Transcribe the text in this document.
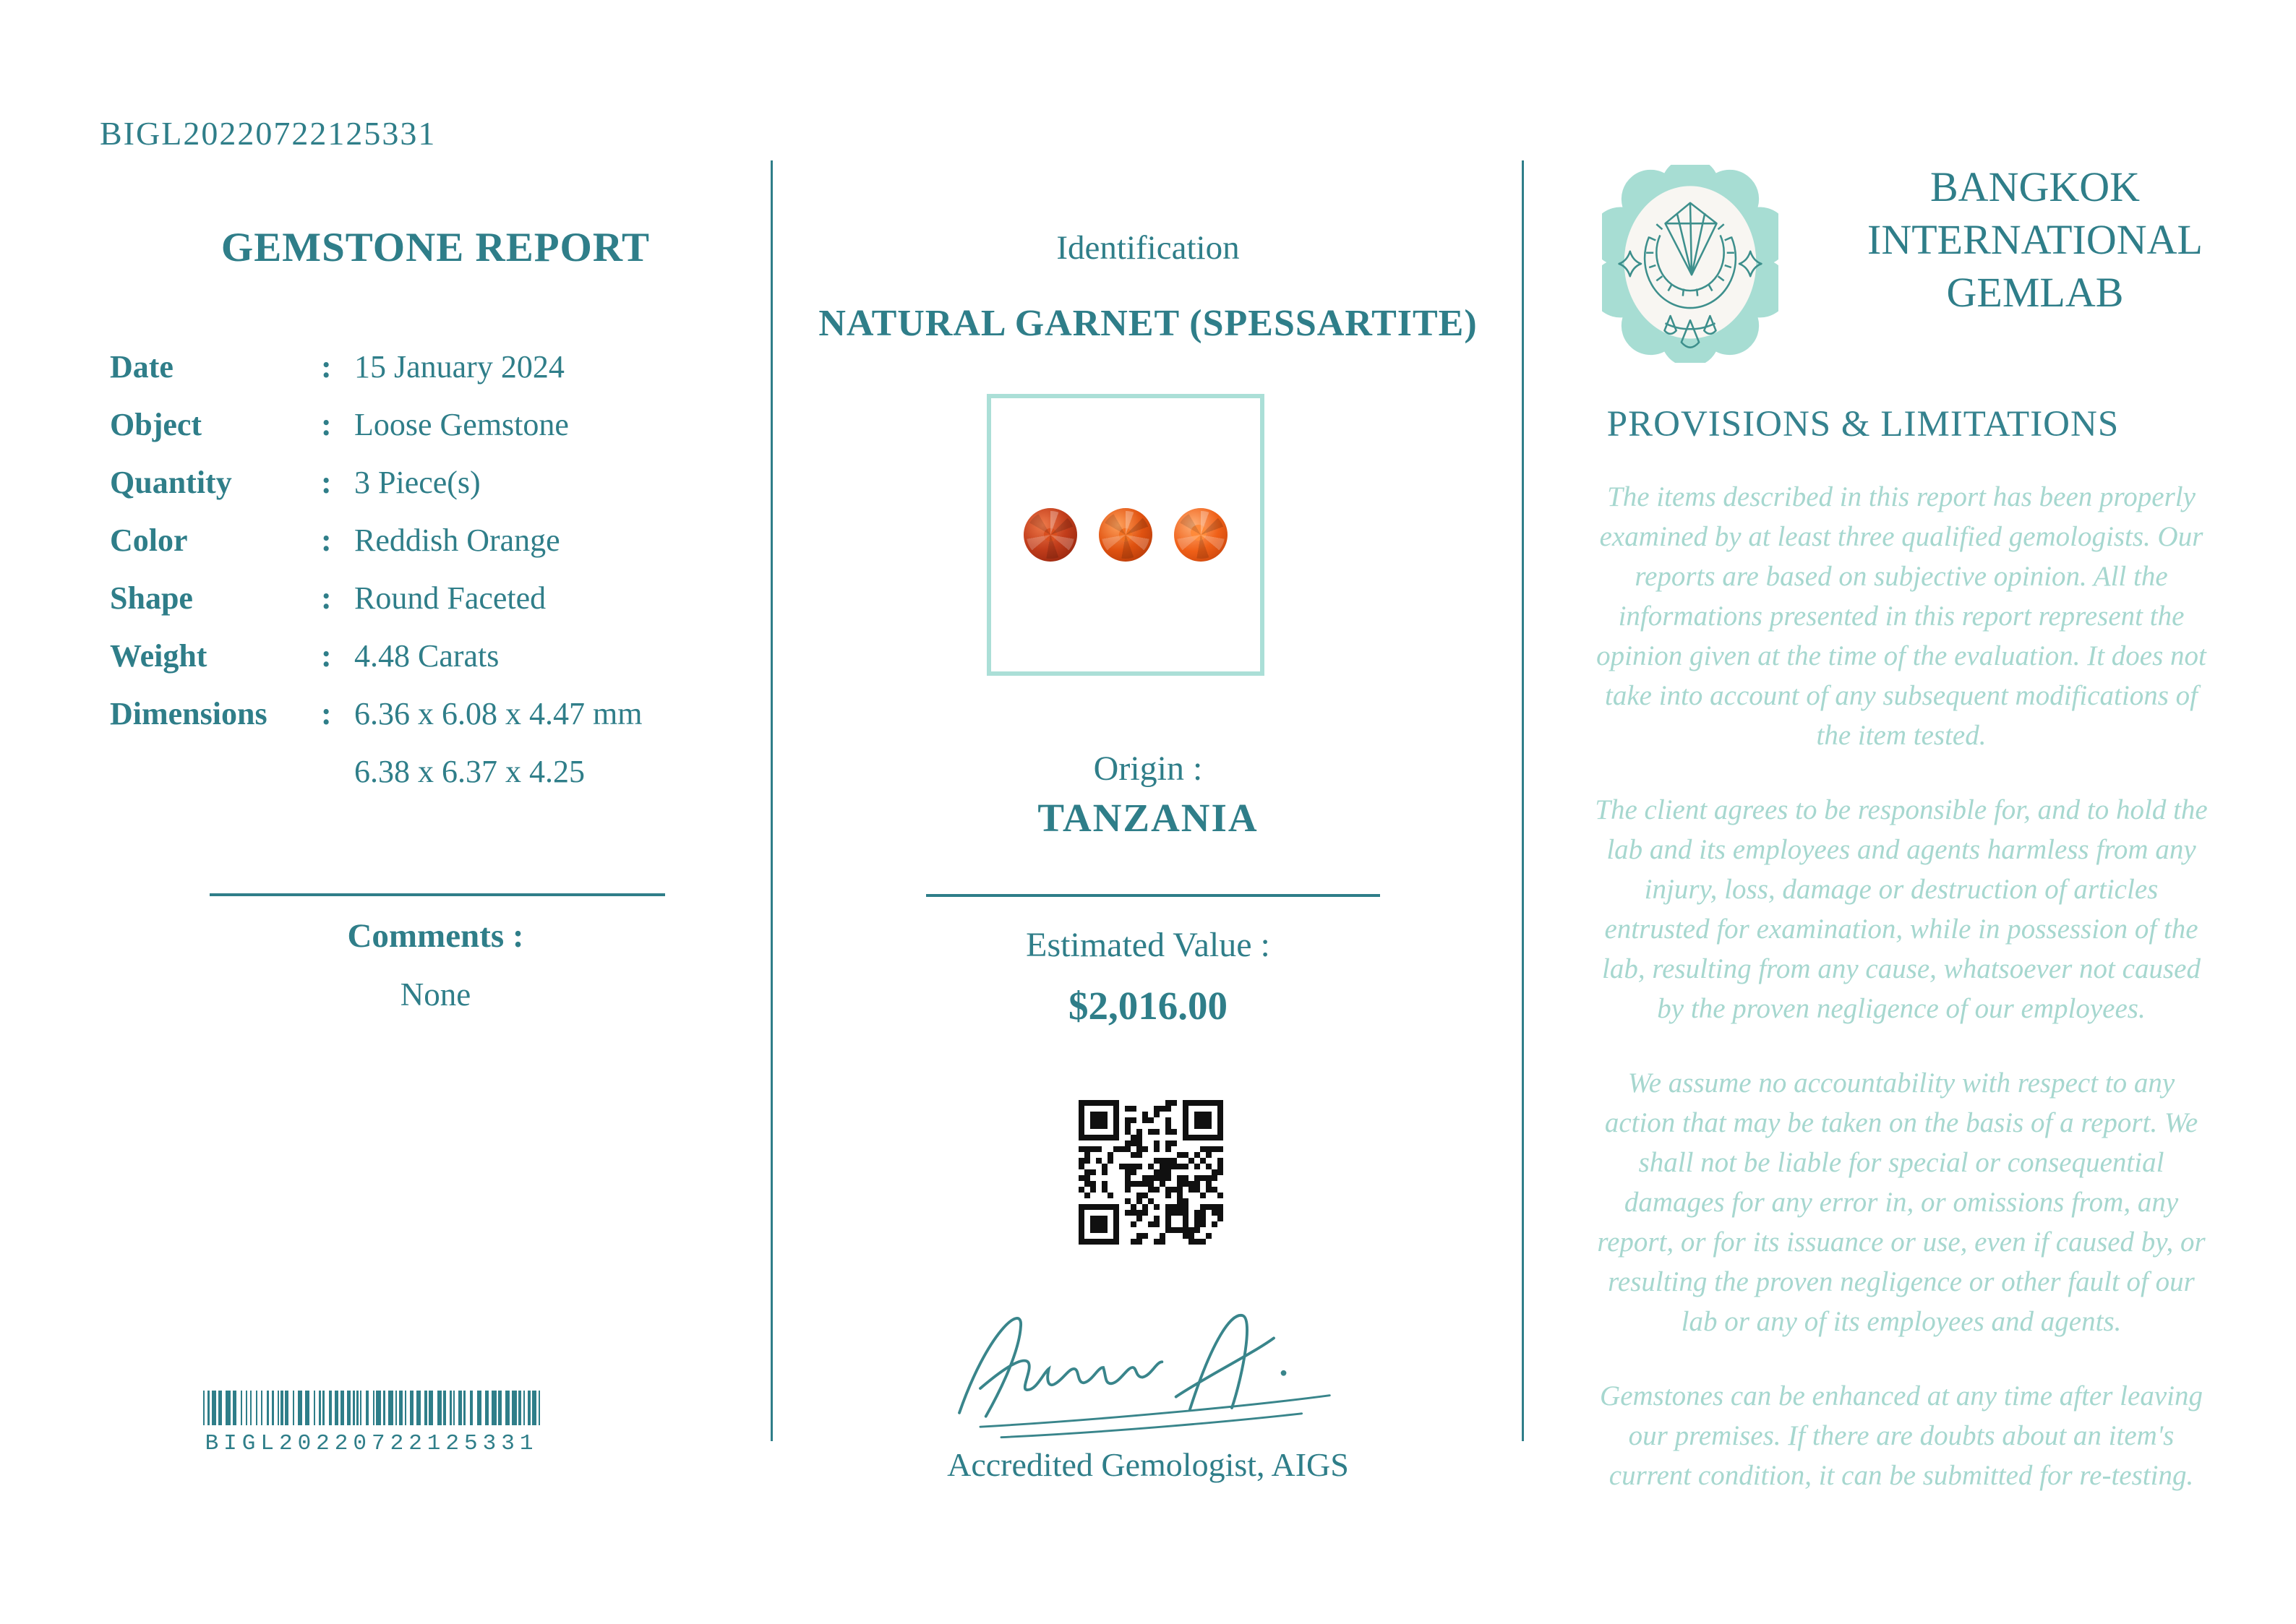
BIGL20220722125331
GEMSTONE REPORT
Date	: 15 January 2024
Object	: Loose Gemstone
Quantity	: 3 Piece(s)
Color	: Reddish Orange
Shape	: Round Faceted
Weight	: 4.48 Carats
Dimensions	: 6.36 x 6.08 x 4.47 mm
6.38 x 6.37 x 4.25
Comments :
None
BIGL20220722125331
Identification
NATURAL GARNET (SPESSARTITE)
Origin :
TANZANIA
Estimated Value :
$2,016.00
Accredited Gemologist, AIGS
BANGKOK
INTERNATIONAL
GEMLAB
PROVISIONS & LIMITATIONS

The items described in this report has been properly examined by at least three qualified gemologists. Our reports are based on subjective opinion. All the informations presented in this report represent the opinion given at the time of the evaluation. It does not take into account of any subsequent modifications of the item tested.

The client agrees to be responsible for, and to hold the lab and its employees and agents harmless from any injury, loss, damage or destruction of articles entrusted for examination, while in possession of the lab, resulting from any cause, whatsoever not caused by the proven negligence of our employees.

We assume no accountability with respect to any action that may be taken on the basis of a report. We shall not be liable for special or consequential damages for any error in, or omissions from, any report, or for its issuance or use, even if caused by, or resulting the proven negligence or other fault of our lab or any of its employees and agents.

Gemstones can be enhanced at any time after leaving our premises. If there are doubts about an item's current condition, it can be submitted for re-testing.
